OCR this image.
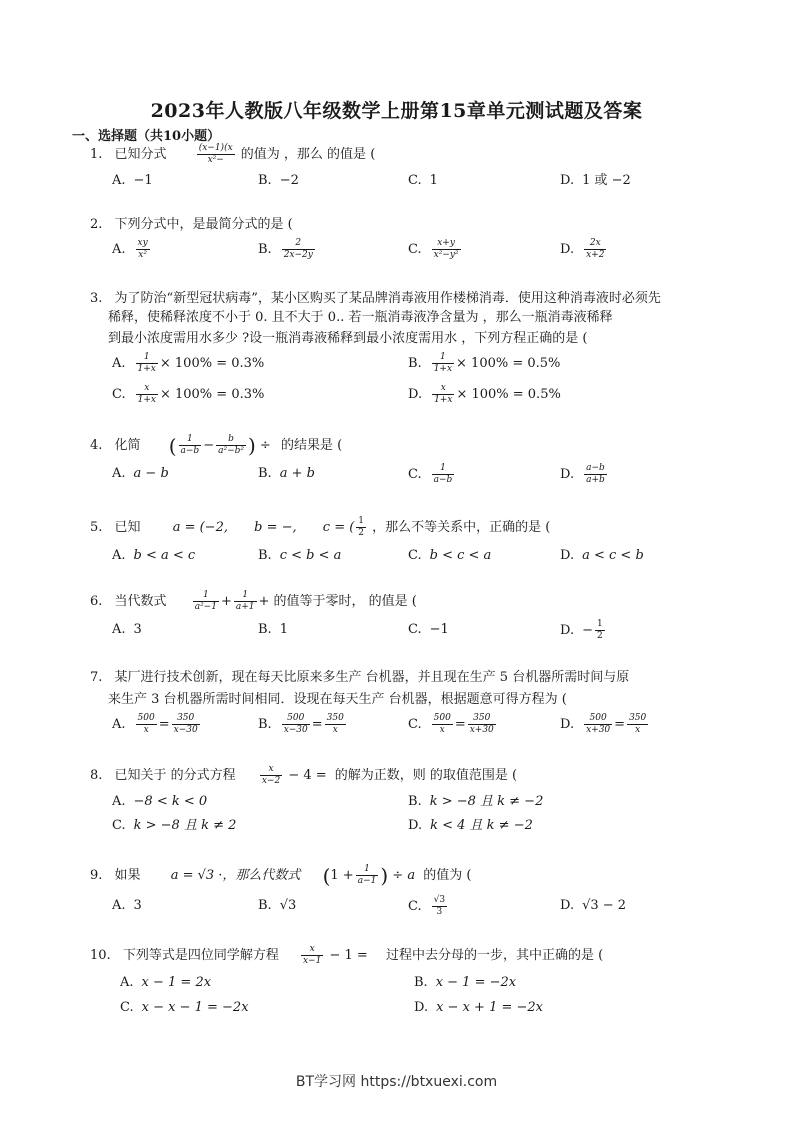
2023年人教版八年级数学上册第15章单元测试题及答案
一、选择题（共10小题）
1. 已知分式	$\frac{(x-1)(x}{\text{x²−}}$ 的值为 ，那么 的值是 (
A. −1	B. −2	C. 1	D. 1 或 −2
2. 下列分式中，是最简分式的是 (
A. $\frac{xy}{\text{x²}}$	B. $\frac{2}{2x-2y}$	C. $\frac{x+y}{\text{x²−y²}}$	D. $\frac{2x}{x+2}$
3. 为了防治“新型冠状病毒”，某小区购买了某品牌消毒液用作楼梯消毒．使用这种消毒液时必须先
稀释，使稀释浓度不小于 0. 且不大于 0.. 若一瓶消毒液净含量为 ，那么一瓶消毒液稀释
到最小浓度需用水多少 ?设一瓶消毒液稀释到最小浓度需用水 ，下列方程正确的是 (
A. $\frac{1}{1+x} \times 100\% = 0.3\%$	B. $\frac{1}{1+x} \times 100\% = 0.5\%$
C. $\frac{x}{1+x} \times 100\% = 0.3\%$	D. $\frac{x}{1+x} \times 100\% = 0.5\%$
4. 化简 ( $\frac{1}{a-b} - \frac{b}{\text{a²−b²}}$ ) ÷ 的结果是 (
A. a − b	B. a + b	C. $\frac{1}{a-b}$	D. $\frac{a-b}{a+b}$
5. 已知 a = (−2, b = −, c = ( $\frac{1}{2}$ ，那么不等关系中，正确的是 (
A. b < a < c	B. c < b < a	C. b < c < a	D. a < c < b
6. 当代数式	$\frac{1}{\text{a²−1}} + \frac{1}{a+1}$ + 的值等于零时， 的值是 (
A. 3	B. 1	C. −1	D. − $\frac{1}{2}$
7. 某厂进行技术创新，现在每天比原来多生产 台机器，并且现在生产 5 台机器所需时间与原
来生产 3 台机器所需时间相同．设现在每天生产 台机器，根据题意可得方程为 (
A. $\frac{500}{x} = \frac{350}{x-30}$	B. $\frac{500}{x-30} = \frac{350}{x}$	C. $\frac{500}{x} = \frac{350}{x+30}$	D. $\frac{500}{x+30} = \frac{350}{x}$
8. 已知关于 的分式方程	$\frac{x}{x-2} - 4$ = 的解为正数，则 的取值范围是 (
A. −8 < k < 0	B. k > −8 且 k ≠ −2
C. k > −8 且 k ≠ 2	D. k < 4 且 k ≠ −2
9. 如果 a = √3 ·，那么代数式 ($1 + \frac{1}{a-1}$ ) ÷ a 的值为 (
A. 3	B. √3	C. $\frac{√3}{3}$	D. √3 − 2
10. 下列等式是四位同学解方程 $\frac{x}{x-1} - 1$ = 过程中去分母的一步，其中正确的是 (
A. x − 1 = 2x	B. x − 1 = −2x
C. x − x − 1 = −2x	D. x − x + 1 = −2x
BT学习网 https://btxuexi.com
